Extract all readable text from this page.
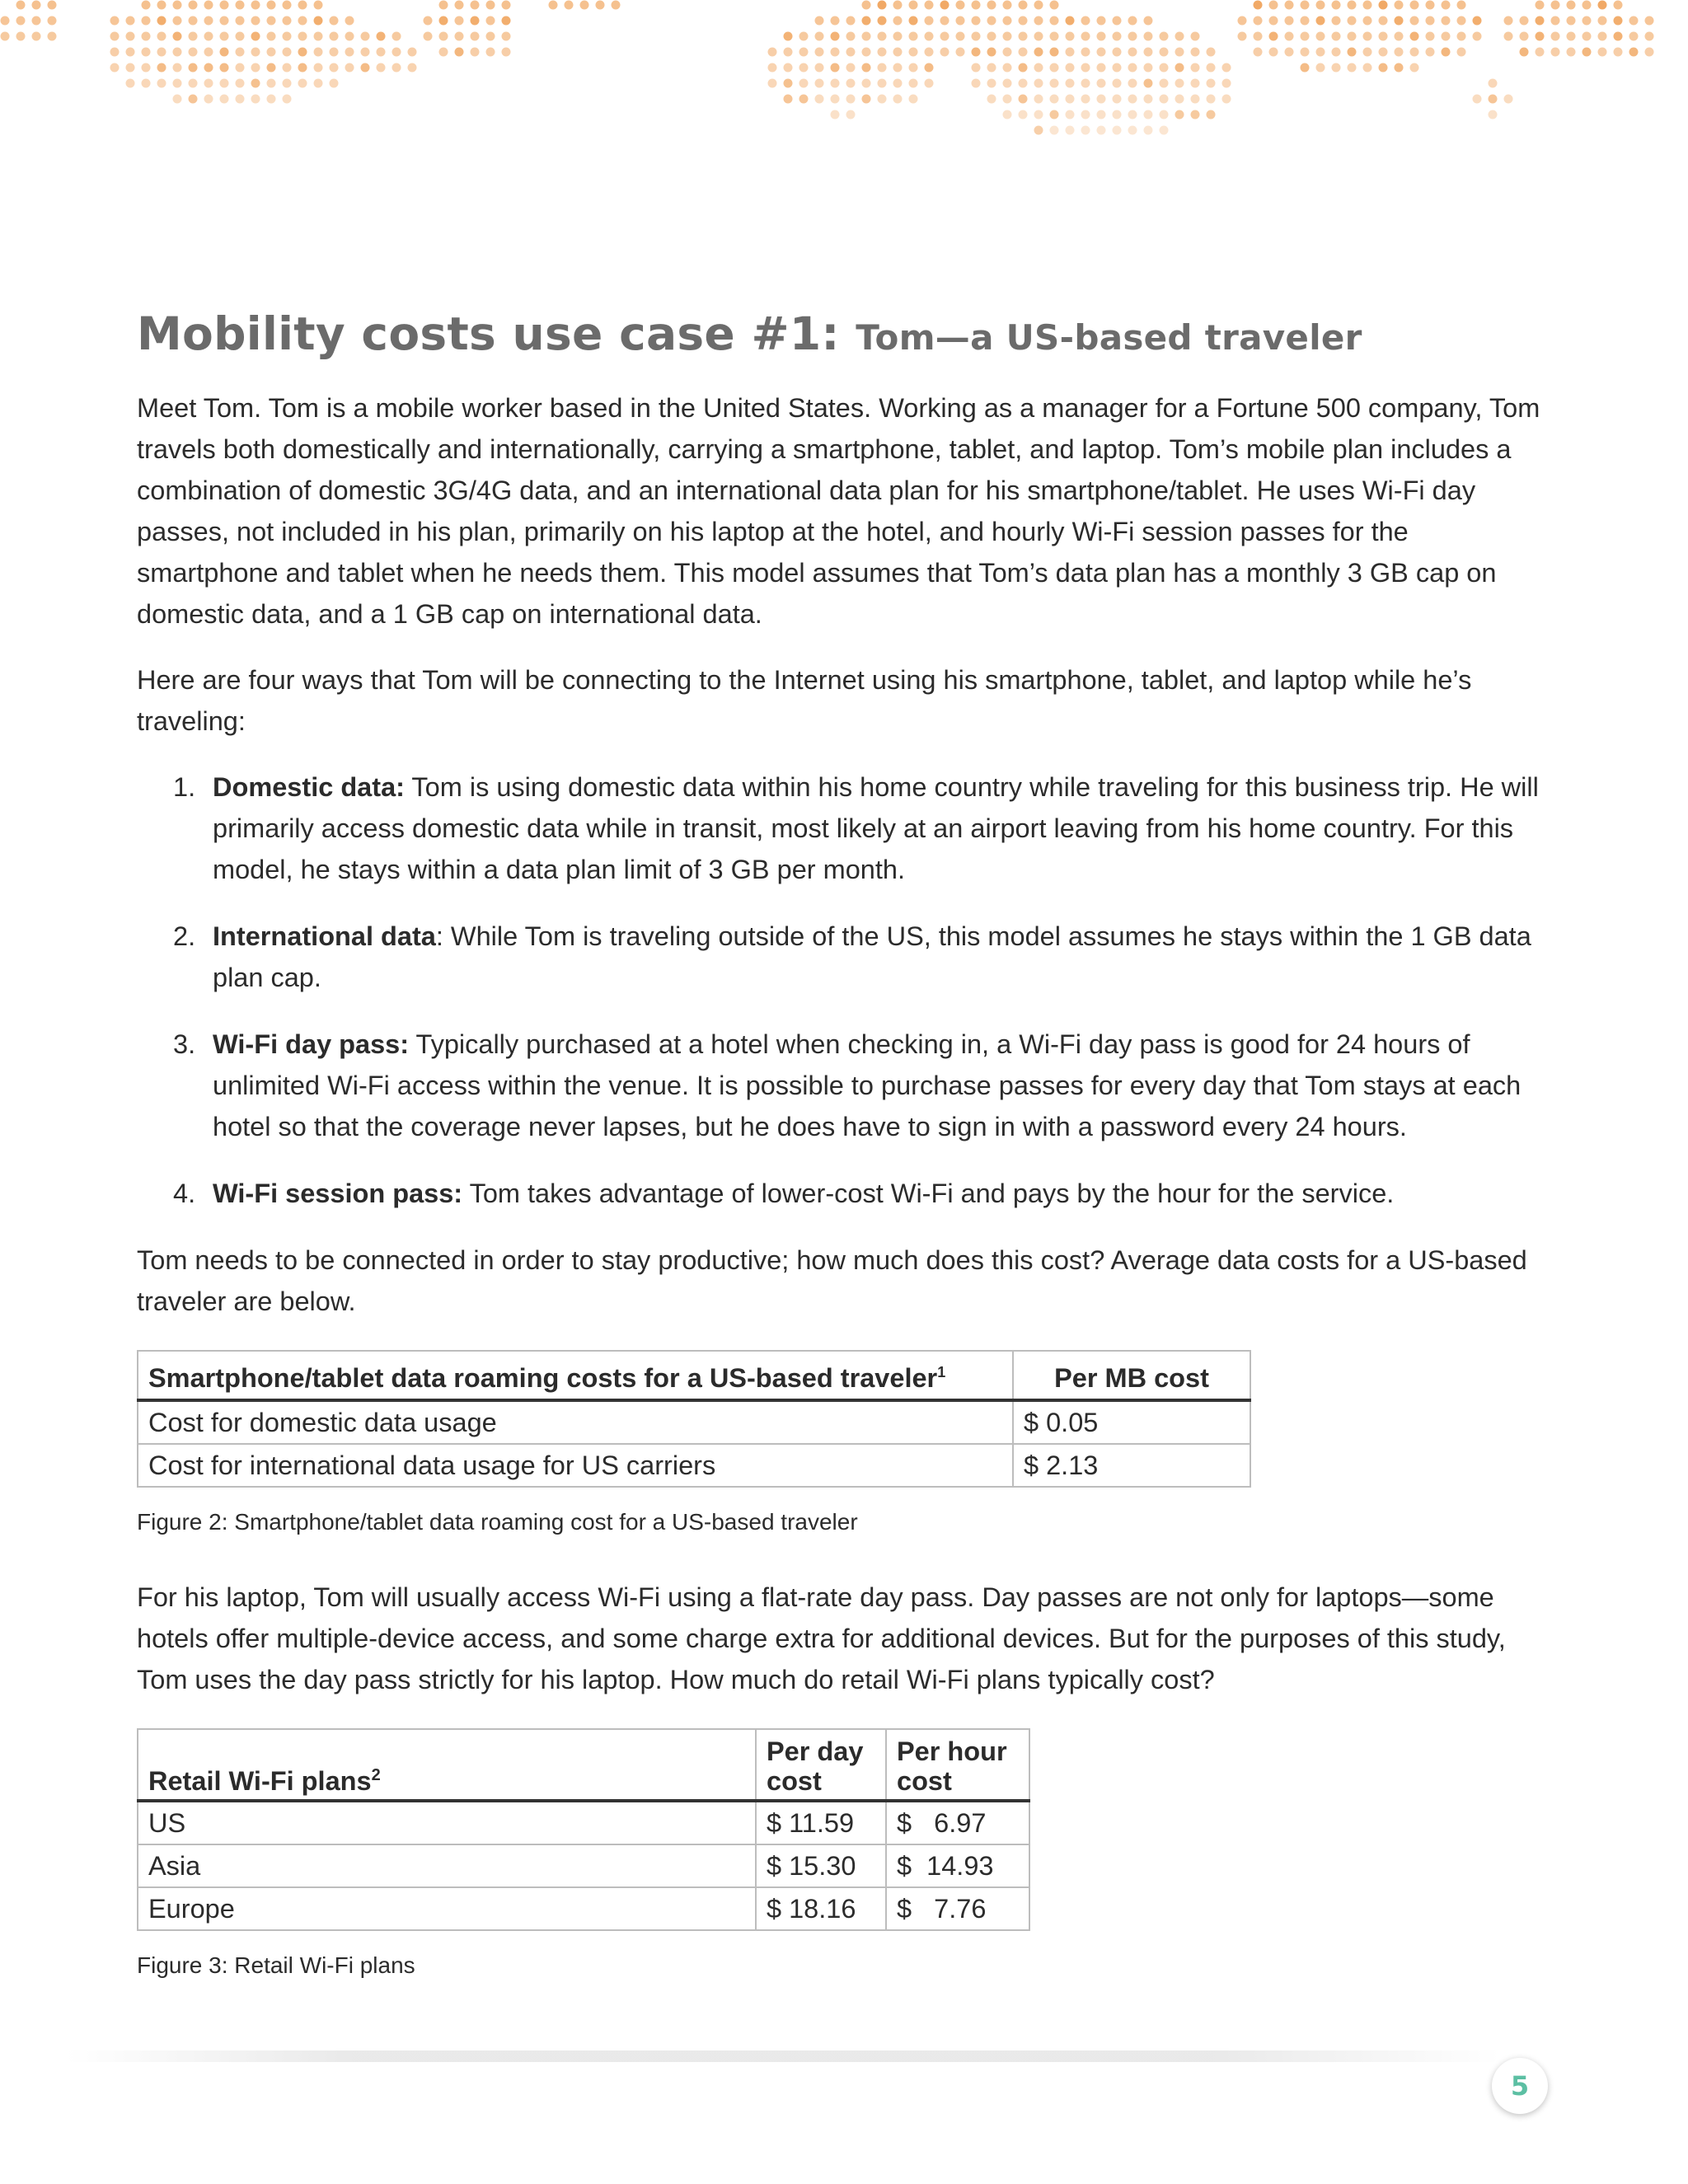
Mobility costs use case #1: Tom—a US-based traveler

Meet Tom. Tom is a mobile worker based in the United States. Working as a manager for a Fortune 500 company, Tom travels both domestically and internationally, carrying a smartphone, tablet, and laptop. Tom’s mobile plan includes a combination of domestic 3G/4G data, and an international data plan for his smartphone/tablet. He uses Wi-Fi day passes, not included in his plan, primarily on his laptop at the hotel, and hourly Wi-Fi session passes for the smartphone and tablet when he needs them. This model assumes that Tom’s data plan has a monthly 3 GB cap on domestic data, and a 1 GB cap on international data.

Here are four ways that Tom will be connecting to the Internet using his smartphone, tablet, and laptop while he’s traveling:

1. Domestic data: Tom is using domestic data within his home country while traveling for this business trip. He will primarily access domestic data while in transit, most likely at an airport leaving from his home country. For this model, he stays within a data plan limit of 3 GB per month.
2. International data: While Tom is traveling outside of the US, this model assumes he stays within the 1 GB data plan cap.
3. Wi-Fi day pass: Typically purchased at a hotel when checking in, a Wi-Fi day pass is good for 24 hours of unlimited Wi-Fi access within the venue. It is possible to purchase passes for every day that Tom stays at each hotel so that the coverage never lapses, but he does have to sign in with a password every 24 hours.
4. Wi-Fi session pass: Tom takes advantage of lower-cost Wi-Fi and pays by the hour for the service.

Tom needs to be connected in order to stay productive; how much does this cost? Average data costs for a US-based traveler are below.

Smartphone/tablet data roaming costs for a US-based traveler$^1$	Per MB cost
Cost for domestic data usage	$ 0.05
Cost for international data usage for US carriers	$ 2.13

Figure 2: Smartphone/tablet data roaming cost for a US-based traveler

For his laptop, Tom will usually access Wi-Fi using a flat-rate day pass. Day passes are not only for laptops—some hotels offer multiple-device access, and some charge extra for additional devices. But for the purposes of this study, Tom uses the day pass strictly for his laptop. How much do retail Wi-Fi plans typically cost?

Retail Wi-Fi plans$^2$	Per day cost	Per hour cost
US	$ 11.59	$   6.97
Asia	$ 15.30	$  14.93
Europe	$ 18.16	$   7.76

Figure 3: Retail Wi-Fi plans

5
